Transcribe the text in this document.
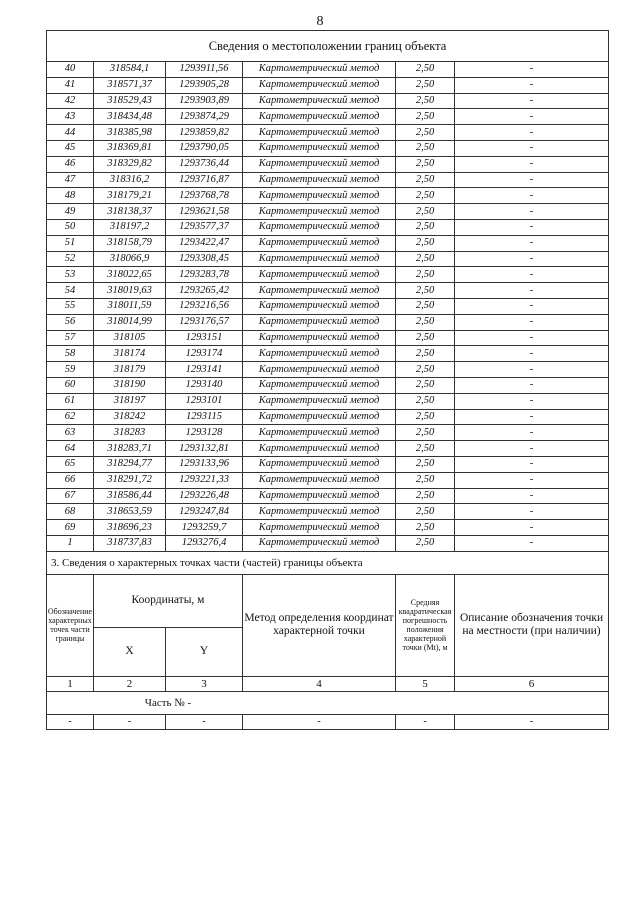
8
Сведения о местоположении границ объекта					
40	318584,1	1293911,56	Картометрический метод	2,50	-
41	318571,37	1293905,28	Картометрический метод	2,50	-
42	318529,43	1293903,89	Картометрический метод	2,50	-
43	318434,48	1293874,29	Картометрический метод	2,50	-
44	318385,98	1293859,82	Картометрический метод	2,50	-
45	318369,81	1293790,05	Картометрический метод	2,50	-
46	318329,82	1293736,44	Картометрический метод	2,50	-
47	318316,2	1293716,87	Картометрический метод	2,50	-
48	318179,21	1293768,78	Картометрический метод	2,50	-
49	318138,37	1293621,58	Картометрический метод	2,50	-
50	318197,2	1293577,37	Картометрический метод	2,50	-
51	318158,79	1293422,47	Картометрический метод	2,50	-
52	318066,9	1293308,45	Картометрический метод	2,50	-
53	318022,65	1293283,78	Картометрический метод	2,50	-
54	318019,63	1293265,42	Картометрический метод	2,50	-
55	318011,59	1293216,56	Картометрический метод	2,50	-
56	318014,99	1293176,57	Картометрический метод	2,50	-
57	318105	1293151	Картометрический метод	2,50	-
58	318174	1293174	Картометрический метод	2,50	-
59	318179	1293141	Картометрический метод	2,50	-
60	318190	1293140	Картометрический метод	2,50	-
61	318197	1293101	Картометрический метод	2,50	-
62	318242	1293115	Картометрический метод	2,50	-
63	318283	1293128	Картометрический метод	2,50	-
64	318283,71	1293132,81	Картометрический метод	2,50	-
65	318294,77	1293133,96	Картометрический метод	2,50	-
66	318291,72	1293221,33	Картометрический метод	2,50	-
67	318586,44	1293226,48	Картометрический метод	2,50	-
68	318653,59	1293247,84	Картометрический метод	2,50	-
69	318696,23	1293259,7	Картометрический метод	2,50	-
1	318737,83	1293276,4	Картометрический метод	2,50	-
3. Сведения о характерных точках части (частей) границы объекта					
Обозначение характерных точек части границы	Координаты, м		Метод определения координат характерной точки	Средняя квадратическая погрешность положения характерной точки (Mt), м	Описание обозначения точки на местности (при наличии)
	X	Y			
1	2	3	4	5	6
	Часть № -				
-	-	-	-	-	-
